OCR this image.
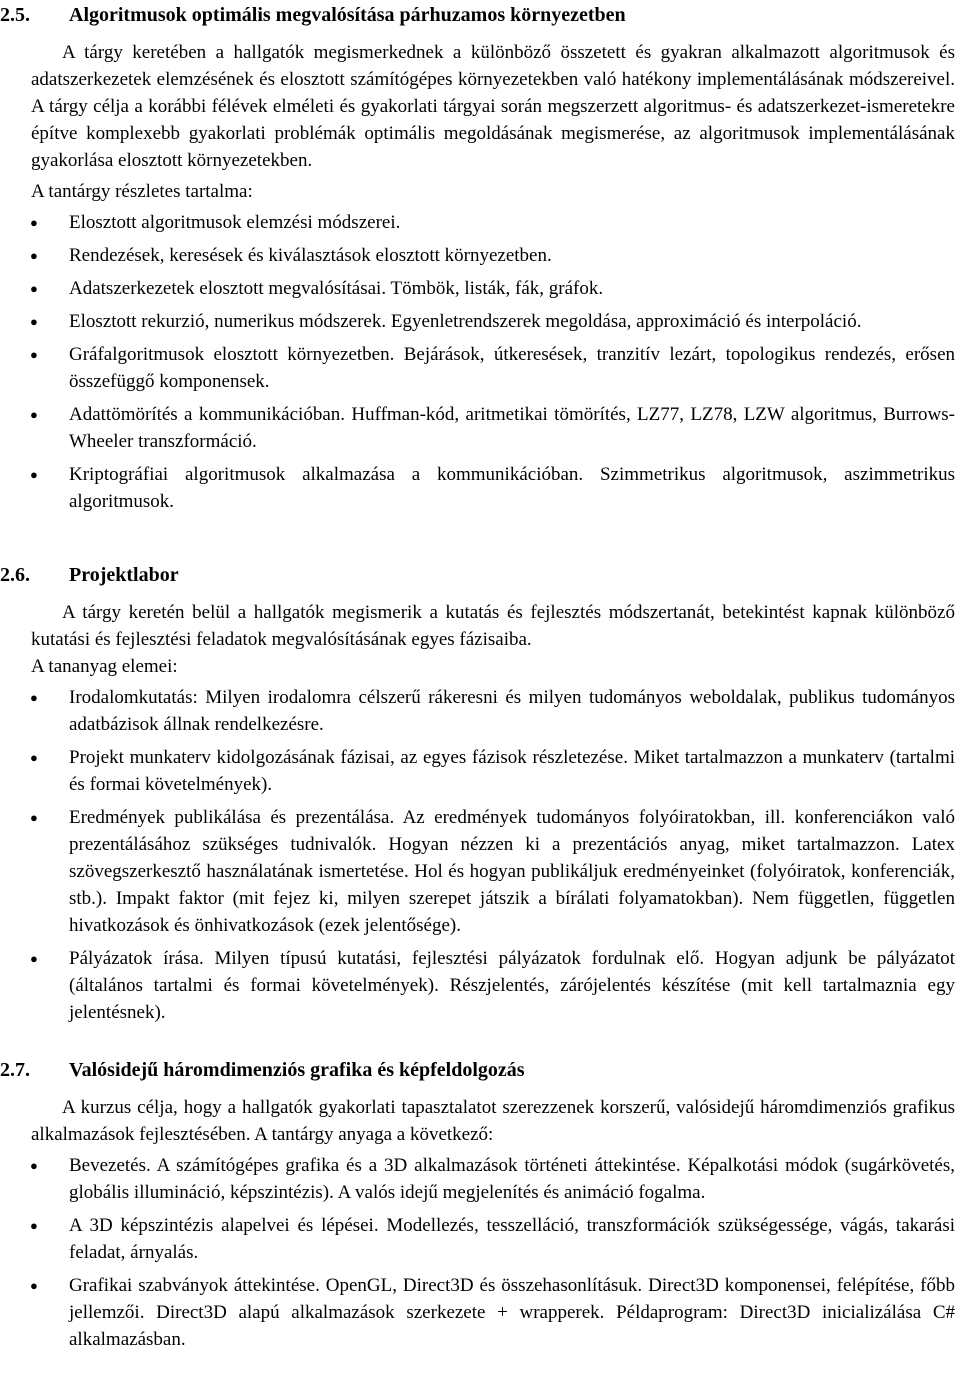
2.5. Algoritmusok optimális megvalósítása párhuzamos környezetben

A tárgy keretében a hallgatók megismerkednek a különböző összetett és gyakran alkalmazott algoritmusok és adatszerkezetek elemzésének és elosztott számítógépes környezetekben való hatékony implementálásának módszereivel. A tárgy célja a korábbi félévek elméleti és gyakorlati tárgyai során megszerzett algoritmus- és adatszerkezet-ismeretekre építve komplexebb gyakorlati problémák optimális megoldásának megismerése, az algoritmusok implementálásának gyakorlása elosztott környezetekben.

A tantárgy részletes tartalma:
● Elosztott algoritmusok elemzési módszerei.
● Rendezések, keresések és kiválasztások elosztott környezetben.
● Adatszerkezetek elosztott megvalósításai. Tömbök, listák, fák, gráfok.
● Elosztott rekurzió, numerikus módszerek. Egyenletrendszerek megoldása, approximáció és interpoláció.
● Gráfalgoritmusok elosztott környezetben. Bejárások, útkeresések, tranzitív lezárt, topologikus rendezés, erősen összefüggő komponensek.
● Adattömörítés a kommunikációban. Huffman-kód, aritmetikai tömörítés, LZ77, LZ78, LZW algoritmus, Burrows-Wheeler transzformáció.
● Kriptográfiai algoritmusok alkalmazása a kommunikációban. Szimmetrikus algoritmusok, aszimmetrikus algoritmusok.
2.6. Projektlabor

A tárgy keretén belül a hallgatók megismerik a kutatás és fejlesztés módszertanát, betekintést kapnak különböző kutatási és fejlesztési feladatok megvalósításának egyes fázisaiba.

A tananyag elemei:
● Irodalomkutatás: Milyen irodalomra célszerű rákeresni és milyen tudományos weboldalak, publikus tudományos adatbázisok állnak rendelkezésre.
● Projekt munkaterv kidolgozásának fázisai, az egyes fázisok részletezése. Miket tartalmazzon a munkaterv (tartalmi és formai követelmények).
● Eredmények publikálása és prezentálása. Az eredmények tudományos folyóiratokban, ill. konferenciákon való prezentálásához szükséges tudnivalók. Hogyan nézzen ki a prezentációs anyag, miket tartalmazzon. Latex szövegszerkesztő használatának ismertetése. Hol és hogyan publikáljuk eredményeinket (folyóiratok, konferenciák, stb.). Impakt faktor (mit fejez ki, milyen szerepet játszik a bírálati folyamatokban). Nem független, független hivatkozások és önhivatkozások (ezek jelentősége).
● Pályázatok írása. Milyen típusú kutatási, fejlesztési pályázatok fordulnak elő. Hogyan adjunk be pályázatot (általános tartalmi és formai követelmények). Részjelentés, zárójelentés készítése (mit kell tartalmaznia egy jelentésnek).
2.7. Valósidejű háromdimenziós grafika és képfeldolgozás

A kurzus célja, hogy a hallgatók gyakorlati tapasztalatot szerezzenek korszerű, valósidejű háromdimenziós grafikus alkalmazások fejlesztésében. A tantárgy anyaga a következő:

● Bevezetés. A számítógépes grafika és a 3D alkalmazások történeti áttekintése. Képalkotási módok (sugárkövetés, globális illumináció, képszintézis). A valós idejű megjelenítés és animáció fogalma.
● A 3D képszintézis alapelvei és lépései. Modellezés, tesszelláció, transzformációk szükségessége, vágás, takarási feladat, árnyalás.
● Grafikai szabványok áttekintése. OpenGL, Direct3D és összehasonlításuk. Direct3D komponensei, felépítése, főbb jellemzői. Direct3D alapú alkalmazások szerkezete + wrapperek. Példaprogram: Direct3D inicializálása C# alkalmazásban.
